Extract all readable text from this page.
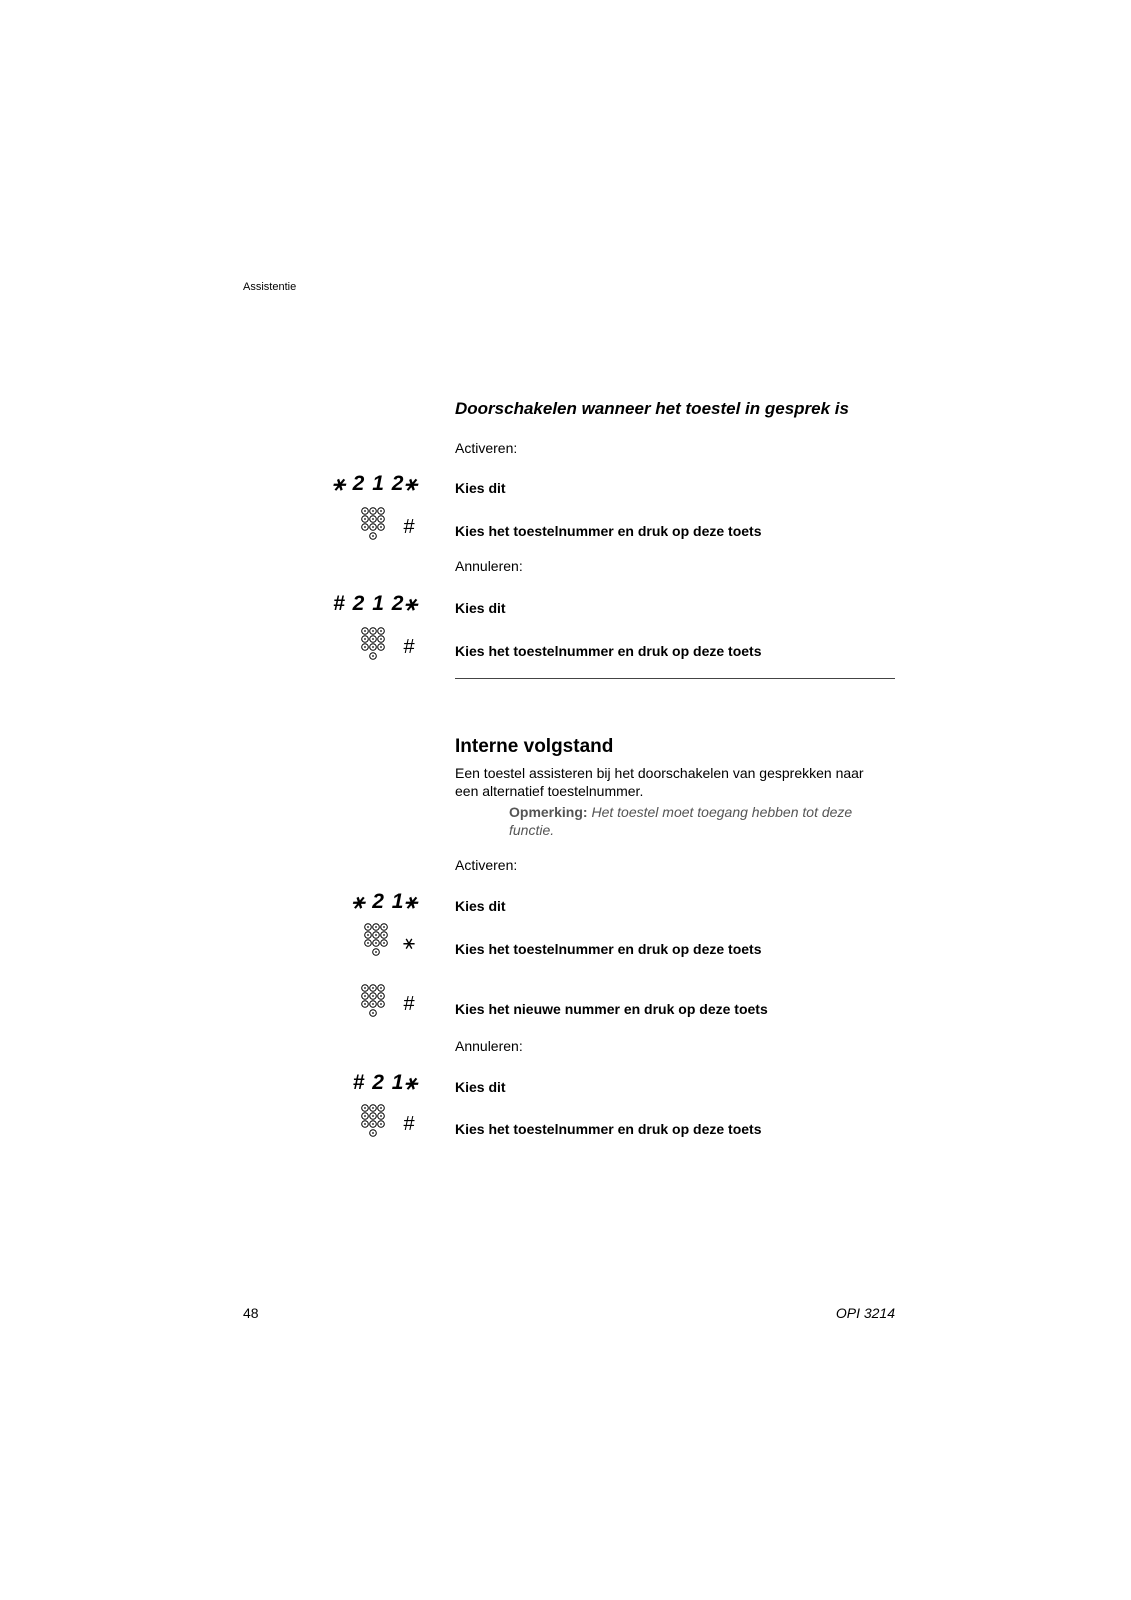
Assistentie
Doorschakelen wanneer het toestel in gesprek is
Activeren:
⚹ 2 1 2⚹	Kies dit
#	Kies het toestelnummer en druk op deze toets
Annuleren:
# 2 1 2⚹	Kies dit
#	Kies het toestelnummer en druk op deze toets
Interne volgstand
Een toestel assisteren bij het doorschakelen van gesprekken naar een alternatief toestelnummer.
Opmerking: Het toestel moet toegang hebben tot deze functie.
Activeren:
⚹ 2 1⚹	Kies dit
⚹	Kies het toestelnummer en druk op deze toets
#	Kies het nieuwe nummer en druk op deze toets
Annuleren:
# 2 1⚹	Kies dit
#	Kies het toestelnummer en druk op deze toets
48	OPI 3214
